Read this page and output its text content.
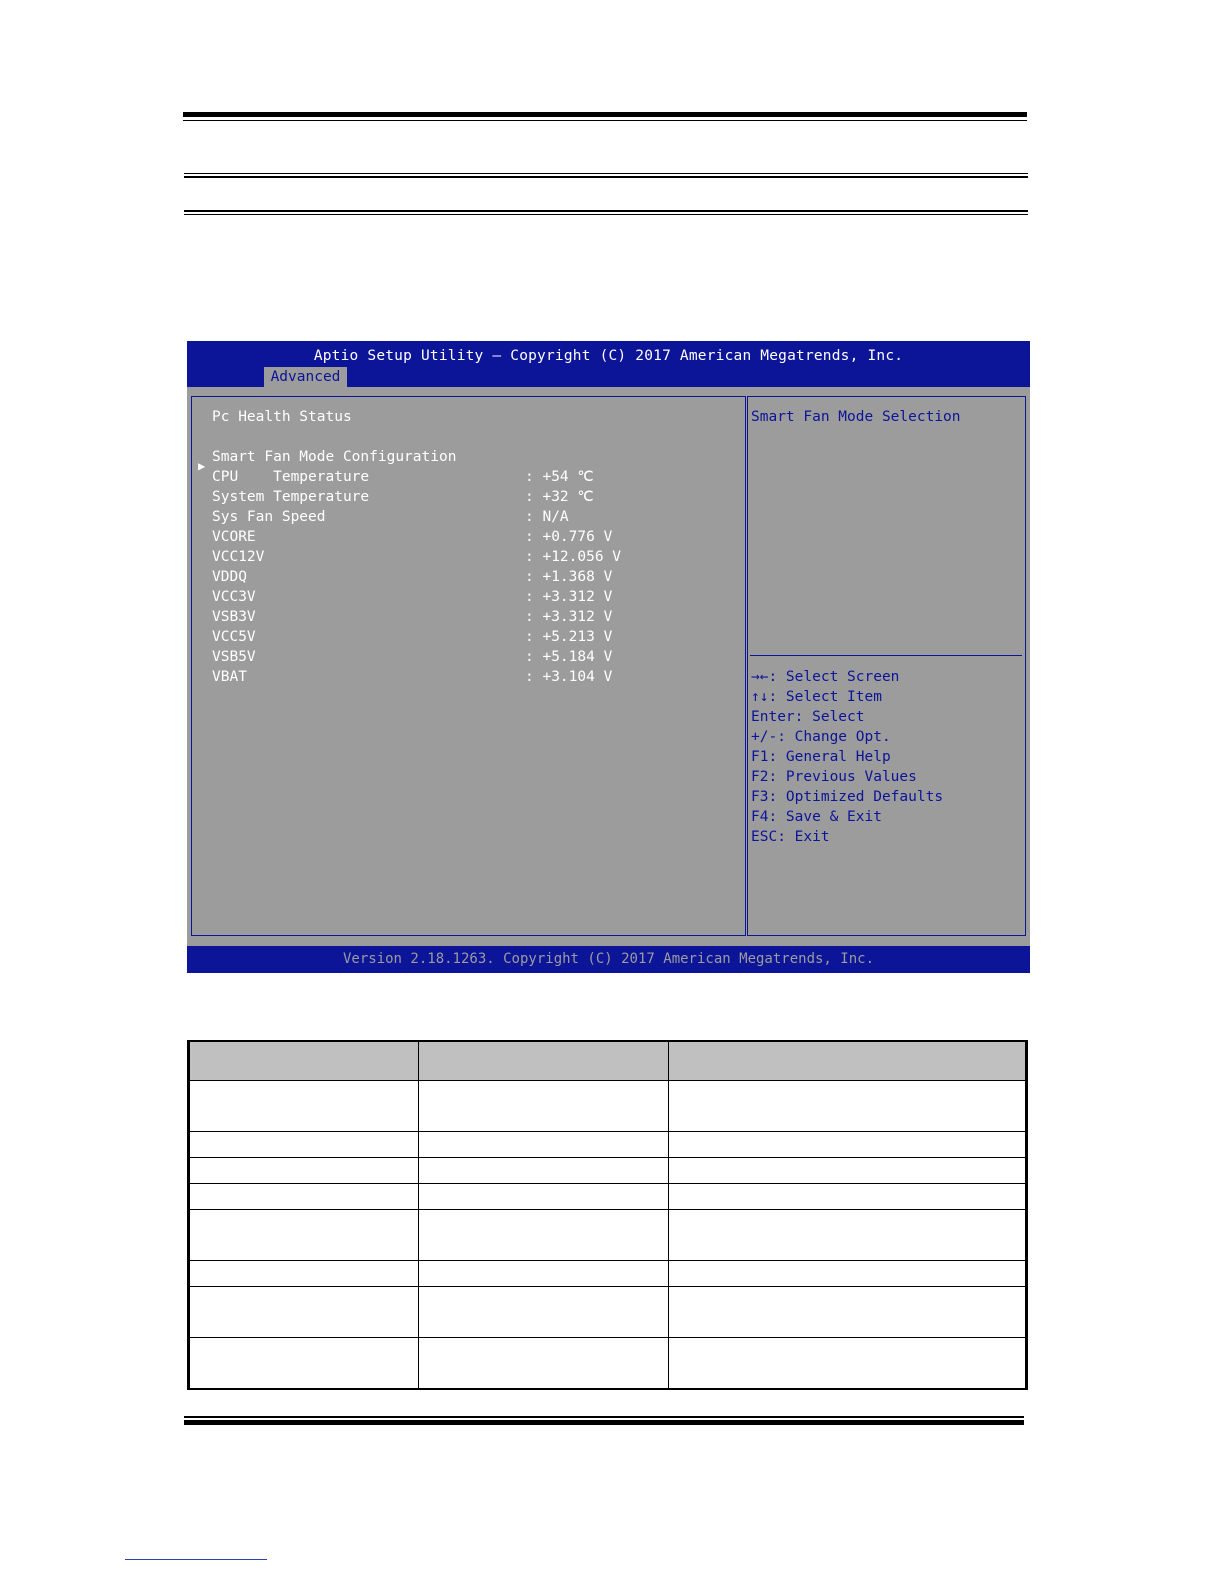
Aptio Setup Utility – Copyright (C) 2017 American Megatrends, Inc.
Advanced
Pc Health Status
▶
Smart Fan Mode Configuration
CPU    Temperature	: +54 ℃
System Temperature	: +32 ℃
Sys Fan Speed	: N/A
VCORE	: +0.776 V
VCC12V	: +12.056 V
VDDQ	: +1.368 V
VCC3V	: +3.312 V
VSB3V	: +3.312 V
VCC5V	: +5.213 V
VSB5V	: +5.184 V
VBAT	: +3.104 V
Smart Fan Mode Selection
→←: Select Screen
↑↓: Select Item
Enter: Select
+/-: Change Opt.
F1: General Help
F2: Previous Values
F3: Optimized Defaults
F4: Save & Exit
ESC: Exit
Version 2.18.1263. Copyright (C) 2017 American Megatrends, Inc.
